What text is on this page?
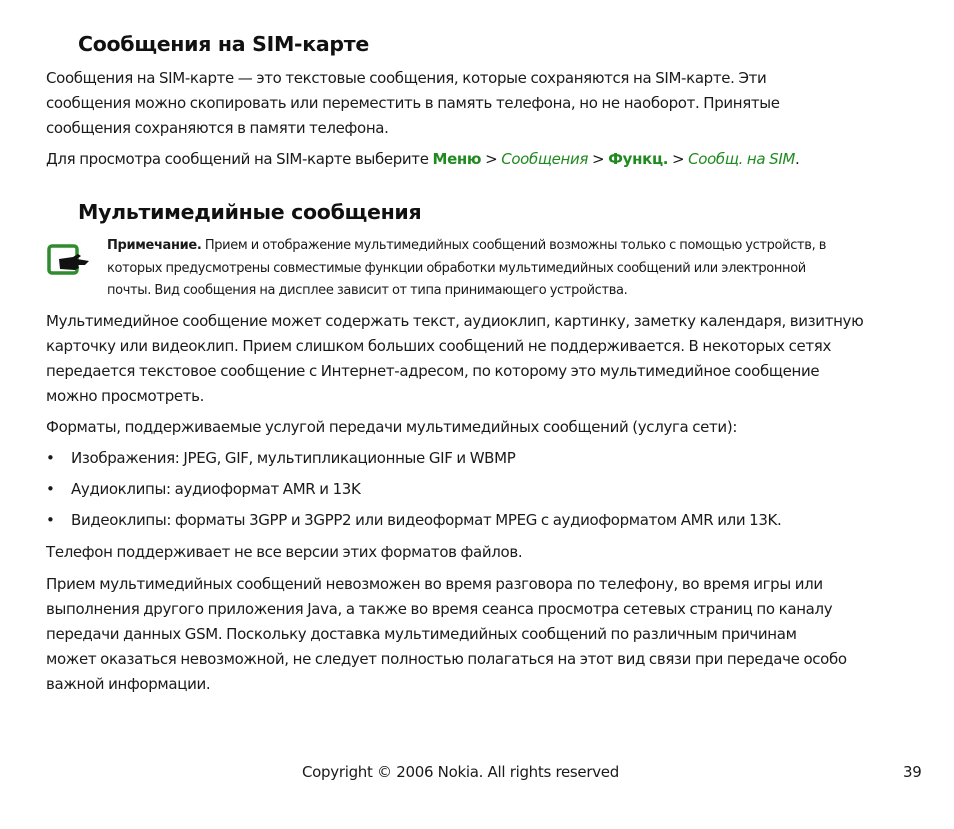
Сообщения на SIM-карте

Сообщения на SIM-карте — это текстовые сообщения, которые сохраняются на SIM-карте. Эти
сообщения можно скопировать или переместить в память телефона, но не наоборот. Принятые
сообщения сохраняются в памяти телефона.

Для просмотра сообщений на SIM-карте выберите Меню > Сообщения > Функц. > Сообщ. на SIM.

Мультимедийные сообщения
Примечание. Прием и отображение мультимедийных сообщений возможны только с помощью устройств, в
которых предусмотрены совместимые функции обработки мультимедийных сообщений или электронной
почты. Вид сообщения на дисплее зависит от типа принимающего устройства.

Мультимедийное сообщение может содержать текст, аудиоклип, картинку, заметку календаря, визитную
карточку или видеоклип. Прием слишком больших сообщений не поддерживается. В некоторых сетях
передается текстовое сообщение с Интернет-адресом, по которому это мультимедийное сообщение
можно просмотреть.

Форматы, поддерживаемые услугой передачи мультимедийных сообщений (услуга сети):

• Изображения: JPEG, GIF, мультипликационные GIF и WBMP
• Аудиоклипы: аудиоформат AMR и 13K
• Видеоклипы: форматы 3GPP и 3GPP2 или видеоформат MPEG с аудиоформатом AMR или 13K.

Телефон поддерживает не все версии этих форматов файлов.

Прием мультимедийных сообщений невозможен во время разговора по телефону, во время игры или
выполнения другого приложения Java, а также во время сеанса просмотра сетевых страниц по каналу
передачи данных GSM. Поскольку доставка мультимедийных сообщений по различным причинам
может оказаться невозможной, не следует полностью полагаться на этот вид связи при передаче особо
важной информации.

Copyright © 2006 Nokia. All rights reserved	39
